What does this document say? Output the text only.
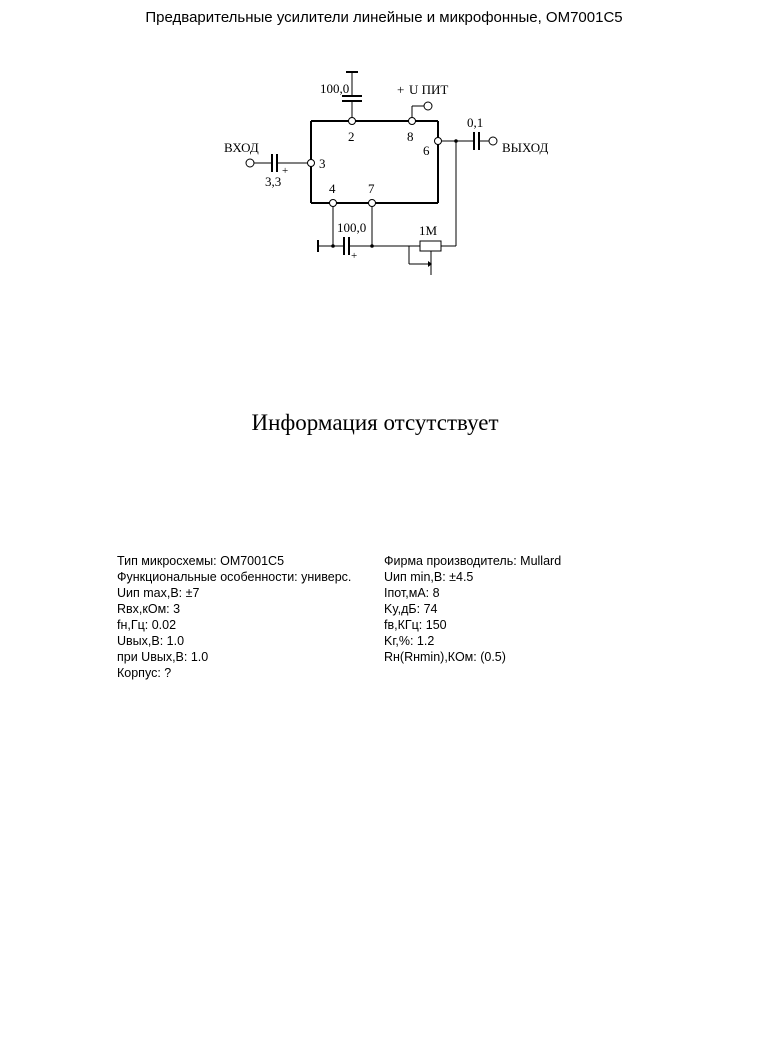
Предварительные усилители линейные и микрофонные, OM7001C5
100,0	+ U ПИТ
2	8
6
3
4	7
ВХОД
3,3
+
0,1
ВЫХОД
100,0
+
1M
Информация отсутствует
Тип микросхемы: OM7001C5	Фирма производитель: Mullard
Функциональные особенности: универс.	Uип min,В: ±4.5
Uип max,В: ±7	Iпот,мА: 8
Rвх,кОм: 3	Ky,дБ: 74
fн,Гц: 0.02	fв,КГц: 150
Uвых,В: 1.0	Kг,%: 1.2
при Uвых,В: 1.0	Rн(Rнmin),КОм: (0.5)
Корпус: ?
